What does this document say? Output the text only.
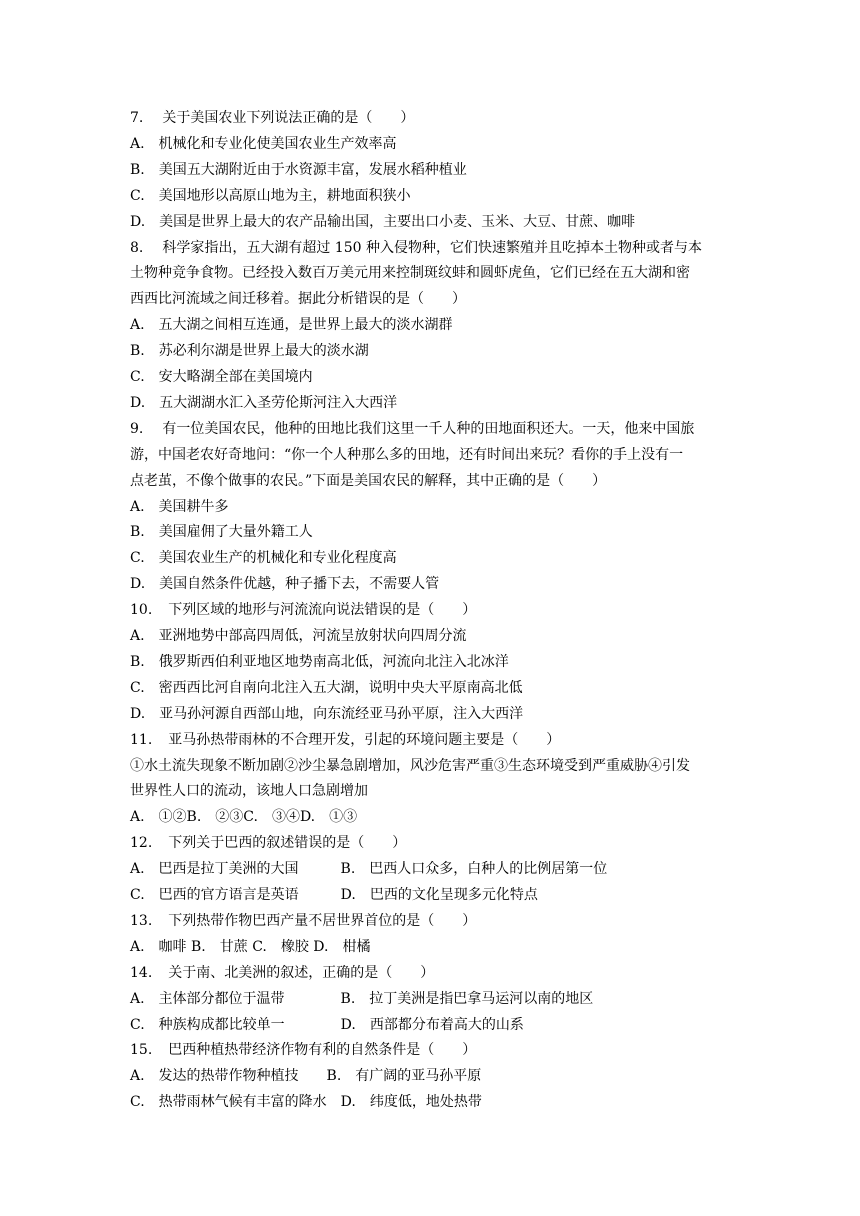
7. 关于美国农业下列说法正确的是（　　）
A.　机械化和专业化使美国农业生产效率高
B.　美国五大湖附近由于水资源丰富，发展水稻种植业
C.　美国地形以高原山地为主，耕地面积狭小
D.　美国是世界上最大的农产品输出国，主要出口小麦、玉米、大豆、甘蔗、咖啡
8. 科学家指出，五大湖有超过 150 种入侵物种，它们快速繁殖并且吃掉本土物种或者与本
土物种竞争食物。已经投入数百万美元用来控制斑纹蚌和圆虾虎鱼，它们已经在五大湖和密
西西比河流域之间迁移着。据此分析错误的是（　　）
A.　五大湖之间相互连通，是世界上最大的淡水湖群
B.　苏必利尔湖是世界上最大的淡水湖
C.　安大略湖全部在美国境内
D.　五大湖湖水汇入圣劳伦斯河注入大西洋
9. 有一位美国农民，他种的田地比我们这里一千人种的田地面积还大。一天，他来中国旅
游，中国老农好奇地问：“你一个人种那么多的田地，还有时间出来玩？看你的手上没有一
点老茧，不像个做事的农民。”下面是美国农民的解释，其中正确的是（　　）
A.　美国耕牛多
B.　美国雇佣了大量外籍工人
C.　美国农业生产的机械化和专业化程度高
D.　美国自然条件优越，种子播下去，不需要人管
10. 下列区域的地形与河流流向说法错误的是（　　）
A.　亚洲地势中部高四周低，河流呈放射状向四周分流
B.　俄罗斯西伯利亚地区地势南高北低，河流向北注入北冰洋
C.　密西西比河自南向北注入五大湖，说明中央大平原南高北低
D.　亚马孙河源自西部山地，向东流经亚马孙平原，注入大西洋
11. 亚马孙热带雨林的不合理开发，引起的环境问题主要是（　　）
①水土流失现象不断加剧②沙尘暴急剧增加，风沙危害严重③生态环境受到严重威胁④引发
世界性人口的流动，该地人口急剧增加
A.　①②B.　②③C.　③④D.　①③
12. 下列关于巴西的叙述错误的是（　　）
A.　巴西是拉丁美洲的大国　　　B.　巴西人口众多，白种人的比例居第一位
C.　巴西的官方语言是英语　　　D.　巴西的文化呈现多元化特点
13. 下列热带作物巴西产量不居世界首位的是（　　）
A.　咖啡 B.　甘蔗 C.　橡胶 D.　柑橘
14. 关于南、北美洲的叙述，正确的是（　　）
A.　主体部分都位于温带　　　　B.　拉丁美洲是指巴拿马运河以南的地区
C.　种族构成都比较单一　　　　D.　西部都分布着高大的山系
15. 巴西种植热带经济作物有利的自然条件是（　　）
A.　发达的热带作物种植技　　B.　有广阔的亚马孙平原
C.　热带雨林气候有丰富的降水　D.　纬度低，地处热带
